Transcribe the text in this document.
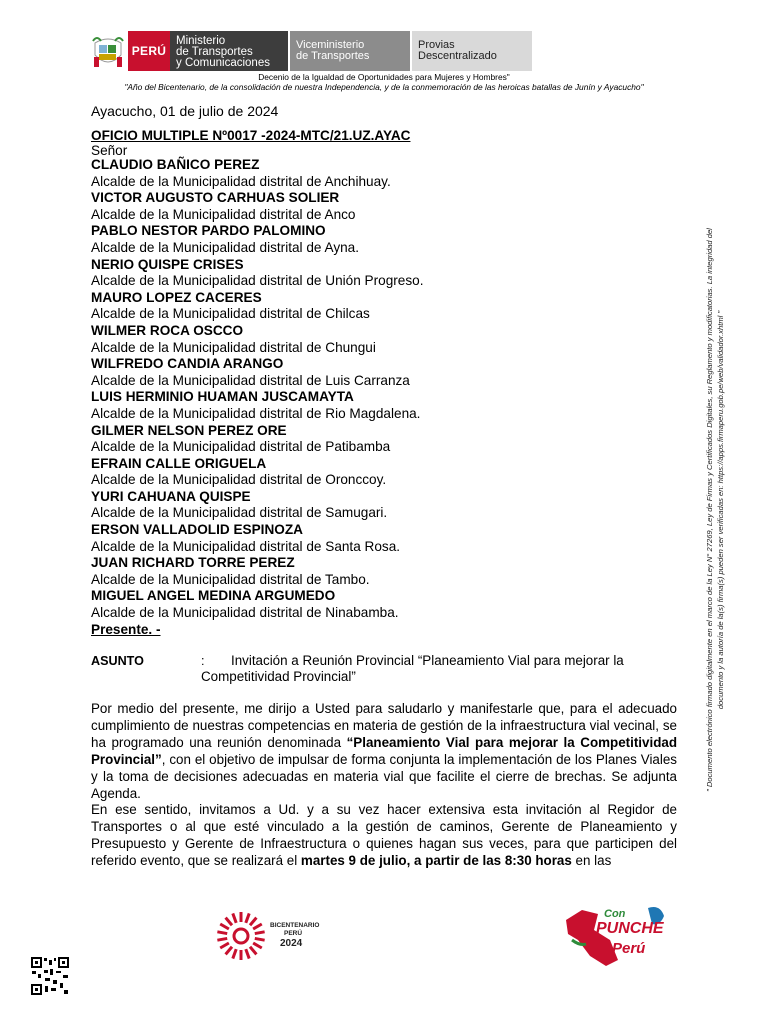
PERÚ
Ministerio
de Transportes
y Comunicaciones
Viceministerio
de Transportes
Provias
Descentralizado
Decenio de la Igualdad de Oportunidades para Mujeres y Hombres"
"Año del Bicentenario, de la consolidación de nuestra Independencia, y de la conmemoración de las heroicas batallas de Junín y Ayacucho"
Ayacucho, 01 de julio de 2024
OFICIO MULTIPLE Nº0017 -2024-MTC/21.UZ.AYAC
Señor
CLAUDIO BAÑICO PEREZ
Alcalde de la Municipalidad distrital de Anchihuay.
VICTOR AUGUSTO CARHUAS SOLIER
Alcalde de la Municipalidad distrital de Anco
PABLO NESTOR PARDO PALOMINO
Alcalde de la Municipalidad distrital de Ayna.
NERIO QUISPE CRISES
Alcalde de la Municipalidad distrital de Unión Progreso.
MAURO LOPEZ CACERES
Alcalde de la Municipalidad distrital de Chilcas
WILMER ROCA OSCCO
Alcalde de la Municipalidad distrital de Chungui
WILFREDO CANDIA ARANGO
Alcalde de la Municipalidad distrital de Luis Carranza
LUIS HERMINIO HUAMAN JUSCAMAYTA
Alcalde de la Municipalidad distrital de Rio Magdalena.
GILMER NELSON PEREZ ORE
Alcalde de la Municipalidad distrital de Patibamba
EFRAIN CALLE ORIGUELA
Alcalde de la Municipalidad distrital de Oronccoy.
YURI CAHUANA QUISPE
Alcalde de la Municipalidad distrital de Samugari.
ERSON VALLADOLID ESPINOZA
Alcalde de la Municipalidad distrital de Santa Rosa.
JUAN RICHARD TORRE PEREZ
Alcalde de la Municipalidad distrital de Tambo.
MIGUEL ANGEL MEDINA ARGUMEDO
Alcalde de la Municipalidad distrital de Ninabamba.
Presente. -
ASUNTO	: Invitación a Reunión Provincial “Planeamiento Vial para mejorar la
Competitividad Provincial”
Por medio del presente, me dirijo a Usted para saludarlo y manifestarle que, para el adecuado cumplimiento de nuestras competencias en materia de gestión de la infraestructura vial vecinal, se ha programado una reunión denominada “Planeamiento Vial para mejorar la Competitividad Provincial”, con el objetivo de impulsar de forma conjunta la implementación de los Planes Viales y la toma de decisiones adecuadas en materia vial que facilite el cierre de brechas. Se adjunta Agenda.
En ese sentido, invitamos a Ud. y a su vez hacer extensiva esta invitación al Regidor de Transportes o al que esté vinculado a la gestión de caminos, Gerente de Planeamiento y Presupuesto y Gerente de Infraestructura o quienes hagan sus veces, para que participen del referido evento, que se realizará el martes 9 de julio, a partir de las 8:30 horas en las
" Documento electrónico firmado digitalmente en el marco de la Ley N° 27269, Ley de Firmas y Certificados Digitales, su Reglamento y modificatorias. La integridad del documento y la autoría de la(s) firma(s) pueden ser verificadas en: https://apps.firmaperu.gob.pe/web/validador.xhtml "
BICENTENARIO
PERÚ
2024
Con
PUNCHE
Perú
